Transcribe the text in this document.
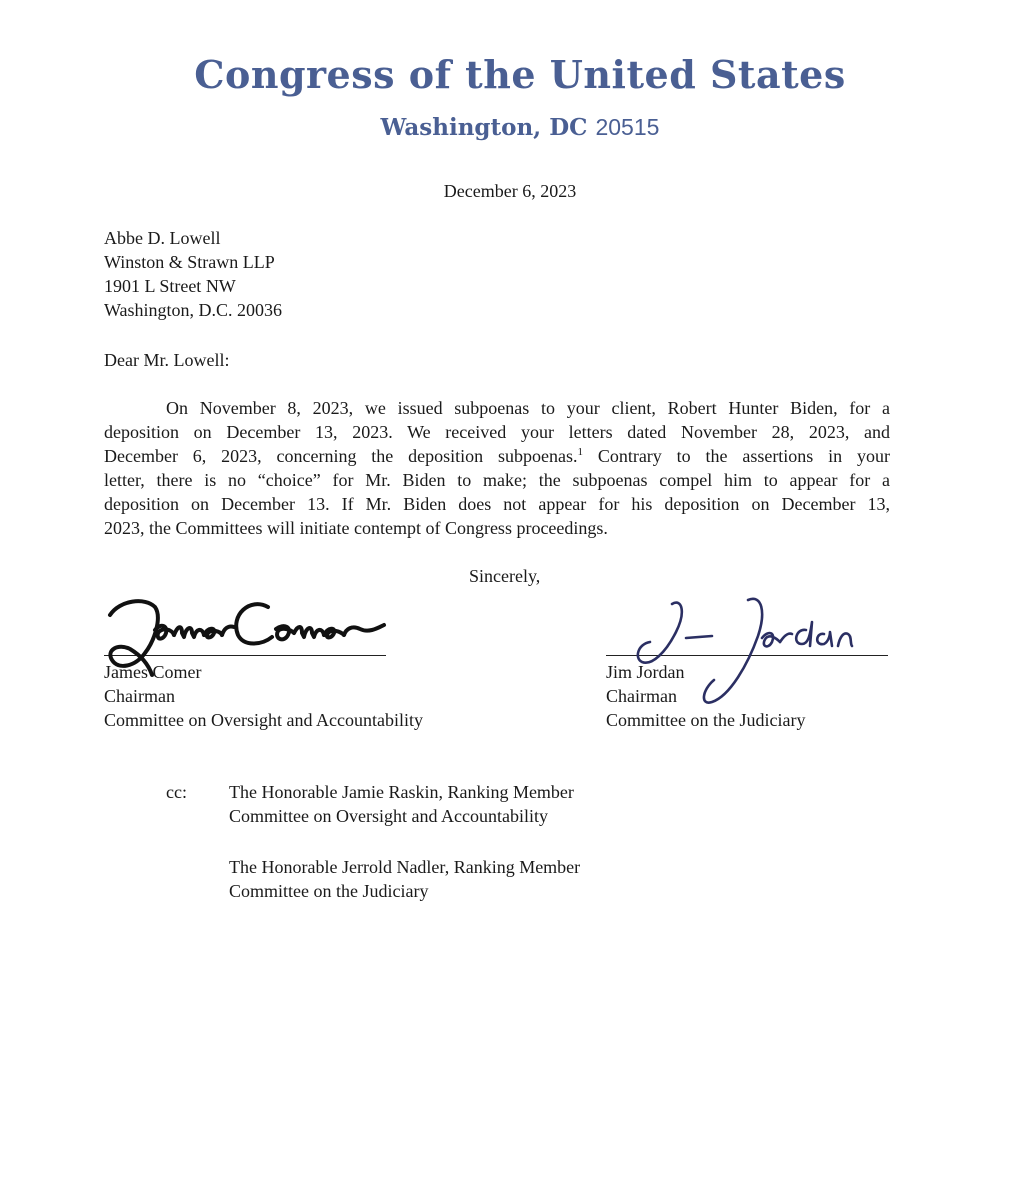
Congress of the United States
Washington, DC 20515
December 6, 2023
Abbe D. Lowell
Winston & Strawn LLP
1901 L Street NW
Washington, D.C. 20036
Dear Mr. Lowell:
On November 8, 2023, we issued subpoenas to your client, Robert Hunter Biden, for a
deposition on December 13, 2023. We received your letters dated November 28, 2023, and
December 6, 2023, concerning the deposition subpoenas.$^1$ Contrary to the assertions in your
letter, there is no “choice” for Mr. Biden to make; the subpoenas compel him to appear for a
deposition on December 13. If Mr. Biden does not appear for his deposition on December 13,
2023, the Committees will initiate contempt of Congress proceedings.
Sincerely,
James Comer
Chairman
Committee on Oversight and Accountability
Jim Jordan
Chairman
Committee on the Judiciary
cc: The Honorable Jamie Raskin, Ranking Member
Committee on Oversight and Accountability
The Honorable Jerrold Nadler, Ranking Member
Committee on the Judiciary
